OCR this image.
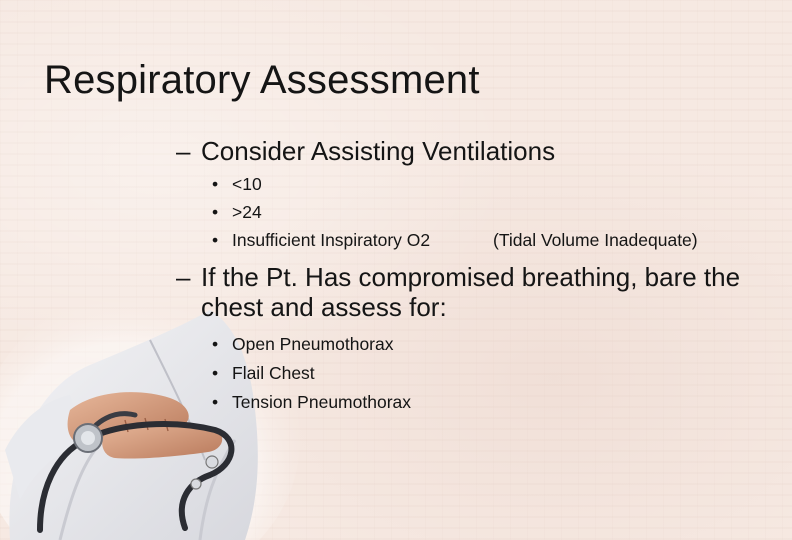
Respiratory Assessment
– Consider Assisting Ventilations
• <10
• >24
• Insufficient Inspiratory O2	(Tidal Volume Inadequate)
– If the Pt. Has compromised breathing, bare the chest and assess for:
• Open Pneumothorax
• Flail Chest
• Tension Pneumothorax
